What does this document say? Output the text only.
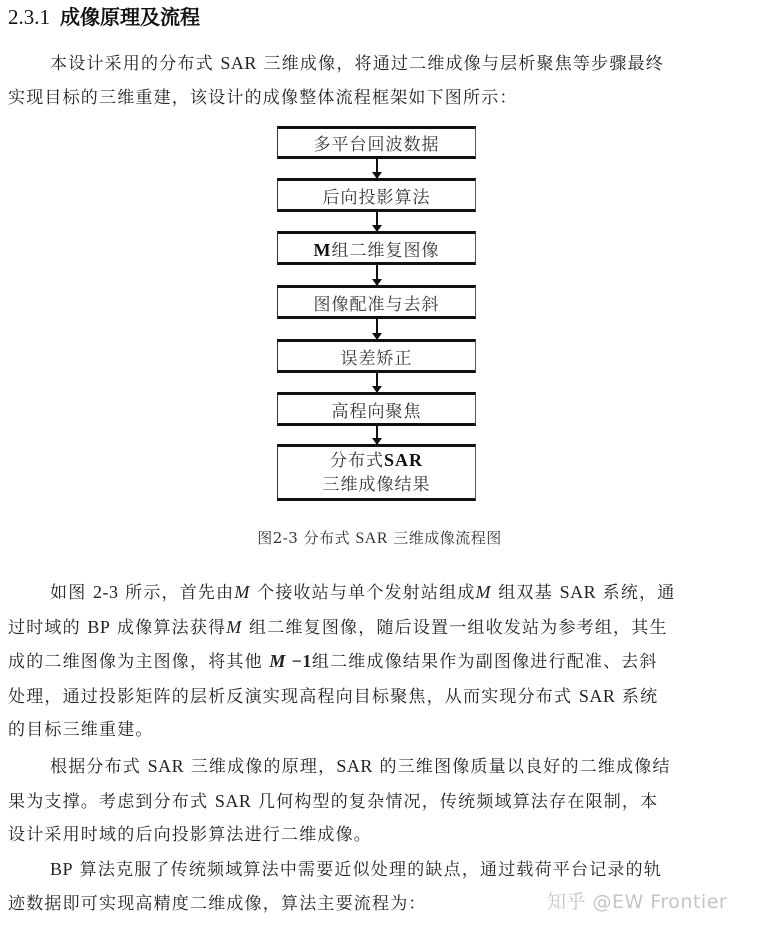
2.3.1 成像原理及流程
本设计采用的分布式 SAR 三维成像，将通过二维成像与层析聚焦等步骤最终
实现目标的三维重建，该设计的成像整体流程框架如下图所示：
多平台回波数据
后向投影算法
M组二维复图像
图像配准与去斜
误差矫正
高程向聚焦
分布式SAR
三维成像结果
图2-3 分布式 SAR 三维成像流程图
如图 2-3 所示，首先由M 个接收站与单个发射站组成M 组双基 SAR 系统，通
过时域的 BP 成像算法获得M 组二维复图像，随后设置一组收发站为参考组，其生
成的二维图像为主图像，将其他 M −1组二维成像结果作为副图像进行配准、去斜
处理，通过投影矩阵的层析反演实现高程向目标聚焦，从而实现分布式 SAR 系统
的目标三维重建。
根据分布式 SAR 三维成像的原理，SAR 的三维图像质量以良好的二维成像结
果为支撑。考虑到分布式 SAR 几何构型的复杂情况，传统频域算法存在限制，本
设计采用时域的后向投影算法进行二维成像。
BP 算法克服了传统频域算法中需要近似处理的缺点，通过载荷平台记录的轨
迹数据即可实现高精度二维成像，算法主要流程为：	知乎 @EW Frontier
